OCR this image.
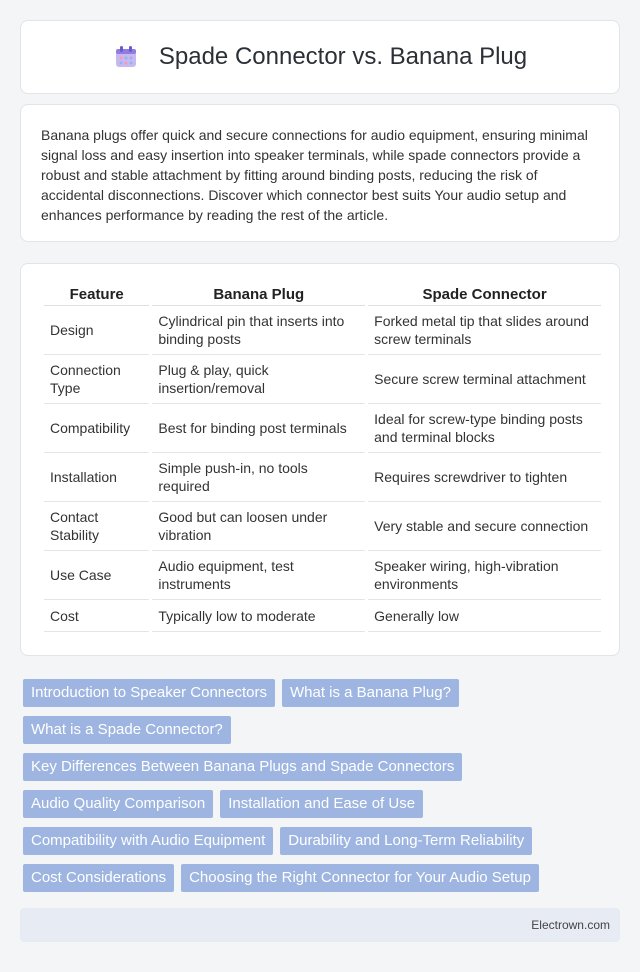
Spade Connector vs. Banana Plug

Banana plugs offer quick and secure connections for audio equipment, ensuring minimal signal loss and easy insertion into speaker terminals, while spade connectors provide a robust and stable attachment by fitting around binding posts, reducing the risk of accidental disconnections. Discover which connector best suits Your audio setup and enhances performance by reading the rest of the article.

Feature	Banana Plug	Spade Connector
Design	Cylindrical pin that inserts into binding posts	Forked metal tip that slides around screw terminals
Connection Type	Plug & play, quick insertion/removal	Secure screw terminal attachment
Compatibility	Best for binding post terminals	Ideal for screw-type binding posts and terminal blocks
Installation	Simple push-in, no tools required	Requires screwdriver to tighten
Contact Stability	Good but can loosen under vibration	Very stable and secure connection
Use Case	Audio equipment, test instruments	Speaker wiring, high-vibration environments
Cost	Typically low to moderate	Generally low
Introduction to Speaker Connectors	What is a Banana Plug?
What is a Spade Connector?
Key Differences Between Banana Plugs and Spade Connectors
Audio Quality Comparison	Installation and Ease of Use
Compatibility with Audio Equipment	Durability and Long-Term Reliability
Cost Considerations	Choosing the Right Connector for Your Audio Setup
Electrown.com
